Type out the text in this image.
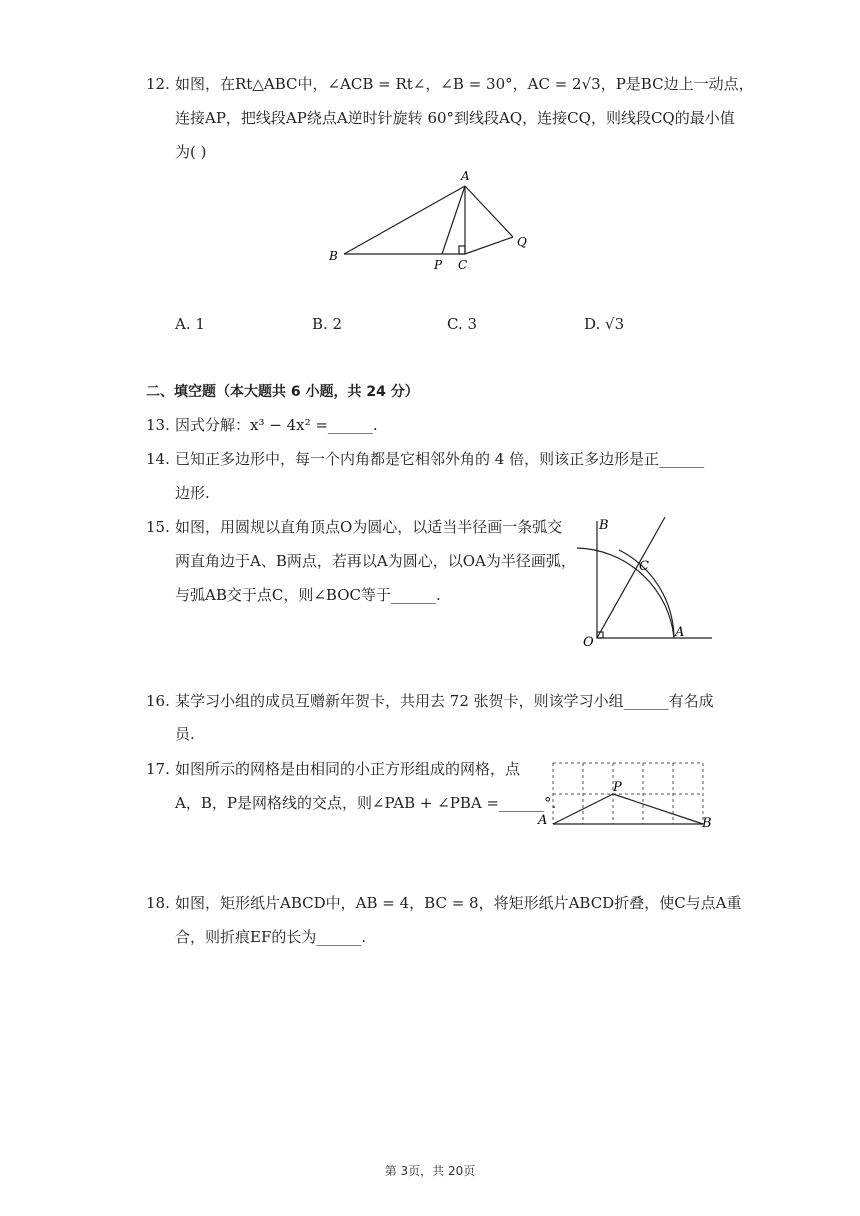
12. 如图，在Rt△ABC中，∠ACB = Rt∠，∠B = 30°，AC = 2√3，P是BC边上一动点，
连接AP，把线段AP绕点A逆时针旋转 60°到线段AQ，连接CQ，则线段CQ的最小值
为( )
A
B
P C
Q
A. 1	B. 2	C. 3	D. √3
二、填空题（本大题共 6 小题，共 24 分）
13. 因式分解：x³ − 4x² =______.
14. 已知正多边形中，每一个内角都是它相邻外角的 4 倍，则该正多边形是正______
边形.
15. 如图，用圆规以直角顶点O为圆心，以适当半径画一条弧交
两直角边于A、B两点，若再以A为圆心，以OA为半径画弧，
与弧AB交于点C，则∠BOC等于______.
B
C
O
A
16. 某学习小组的成员互赠新年贺卡，共用去 72 张贺卡，则该学习小组______有名成
员.
17. 如图所示的网格是由相同的小正方形组成的网格，点
A，B，P是网格线的交点，则∠PAB + ∠PBA =______°.
A
P
B
18. 如图，矩形纸片ABCD中，AB = 4，BC = 8，将矩形纸片ABCD折叠，使C与点A重
合，则折痕EF的长为______.
第 3页，共 20页
